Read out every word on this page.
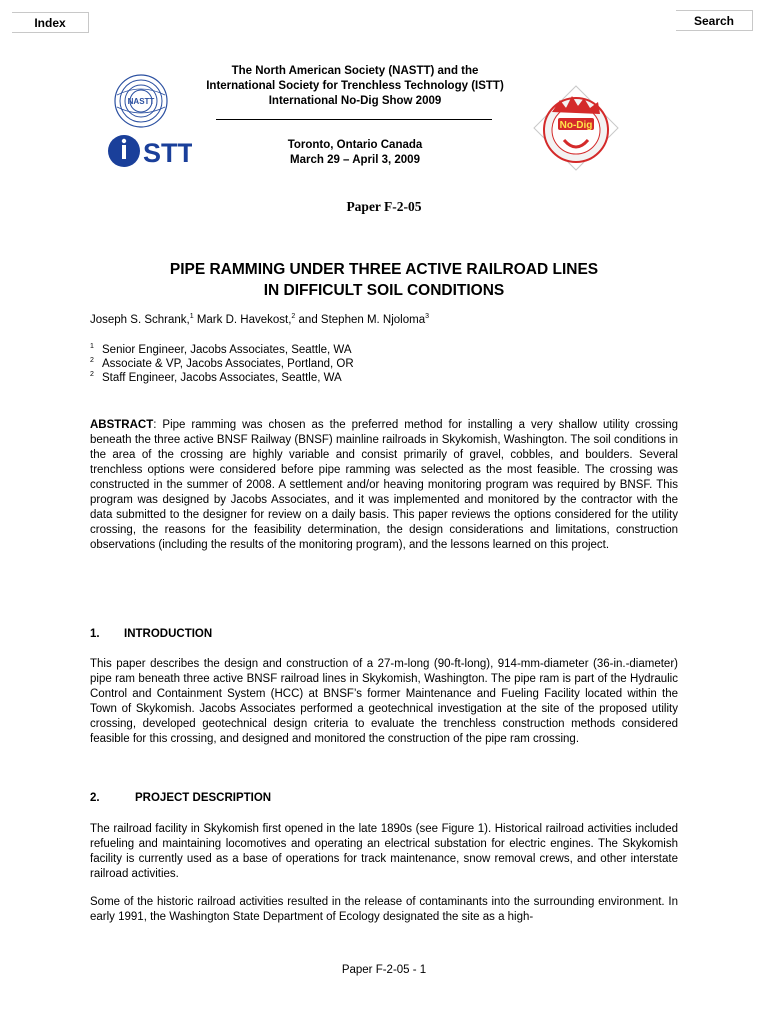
Index	Search
NASTT
STT
The North American Society (NASTT) and the
International Society for Trenchless Technology (ISTT)
International No-Dig Show 2009
Toronto, Ontario Canada
March 29 – April 3, 2009
No-Dig
Paper F-2-05
PIPE RAMMING UNDER THREE ACTIVE RAILROAD LINES
IN DIFFICULT SOIL CONDITIONS
Joseph S. Schrank,$^1$ Mark D. Havekost,$^2$ and Stephen M. Njoloma$^3$
$^1$ Senior Engineer, Jacobs Associates, Seattle, WA
$^2$ Associate & VP, Jacobs Associates, Portland, OR
$^2$ Staff Engineer, Jacobs Associates, Seattle, WA

ABSTRACT: Pipe ramming was chosen as the preferred method for installing a very shallow utility crossing beneath the three active BNSF Railway (BNSF) mainline railroads in Skykomish, Washington. The soil conditions in the area of the crossing are highly variable and consist primarily of gravel, cobbles, and boulders. Several trenchless options were considered before pipe ramming was selected as the most feasible. The crossing was constructed in the summer of 2008. A settlement and/or heaving monitoring program was required by BNSF. This program was designed by Jacobs Associates, and it was implemented and monitored by the contractor with the data submitted to the designer for review on a daily basis. This paper reviews the options considered for the utility crossing, the reasons for the feasibility determination, the design considerations and limitations, construction observations (including the results of the monitoring program), and the lessons learned on this project.

1. INTRODUCTION

This paper describes the design and construction of a 27-m-long (90-ft-long), 914-mm-diameter (36-in.-diameter) pipe ram beneath three active BNSF railroad lines in Skykomish, Washington. The pipe ram is part of the Hydraulic Control and Containment System (HCC) at BNSF’s former Maintenance and Fueling Facility located within the Town of Skykomish. Jacobs Associates performed a geotechnical investigation at the site of the proposed utility crossing, developed geotechnical design criteria to evaluate the trenchless construction methods considered feasible for this crossing, and designed and monitored the construction of the pipe ram crossing.

2.	PROJECT DESCRIPTION

The railroad facility in Skykomish first opened in the late 1890s (see Figure 1). Historical railroad activities included refueling and maintaining locomotives and operating an electrical substation for electric engines. The Skykomish facility is currently used as a base of operations for track maintenance, snow removal crews, and other interstate railroad activities.

Some of the historic railroad activities resulted in the release of contaminants into the surrounding environment. In early 1991, the Washington State Department of Ecology designated the site as a high-

Paper F-2-05 - 1
